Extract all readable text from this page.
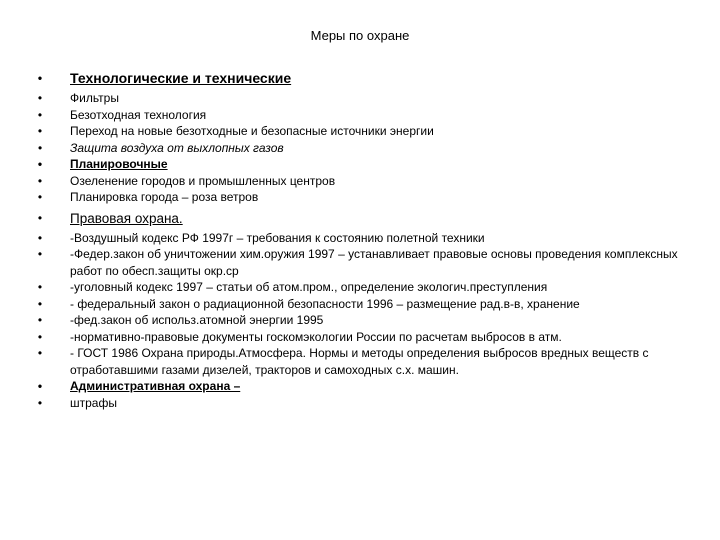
Меры по охране
• Технологические и технические
•	Фильтры
•	Безотходная технология
•	Переход на новые безотходные и безопасные источники энергии
•	Защита воздуха от выхлопных газов
•	Планировочные
•	Озеленение городов и промышленных центров
•	Планировка города – роза ветров
• Правовая охрана.
•	-Воздушный кодекс РФ 1997г – требования к состоянию полетной техники
•	-Федер.закон об уничтожении хим.оружия 1997 – устанавливает правовые основы проведения комплексных работ по обесп.защиты окр.ср
•	-уголовный кодекс 1997 – статьи об атом.пром., определение экологич.преступления
•	- федеральный закон о радиационной безопасности 1996 – размещение рад.в-в, хранение
•	-фед.закон об использ.атомной энергии 1995
•	-нормативно-правовые документы госкомэкологии России по расчетам выбросов в атм.
•	- ГОСТ 1986 Охрана природы.Атмосфера. Нормы и методы определения выбросов вредных веществ с отработавшими газами дизелей, тракторов и самоходных с.х. машин.
•	Административная охрана –
•	штрафы
